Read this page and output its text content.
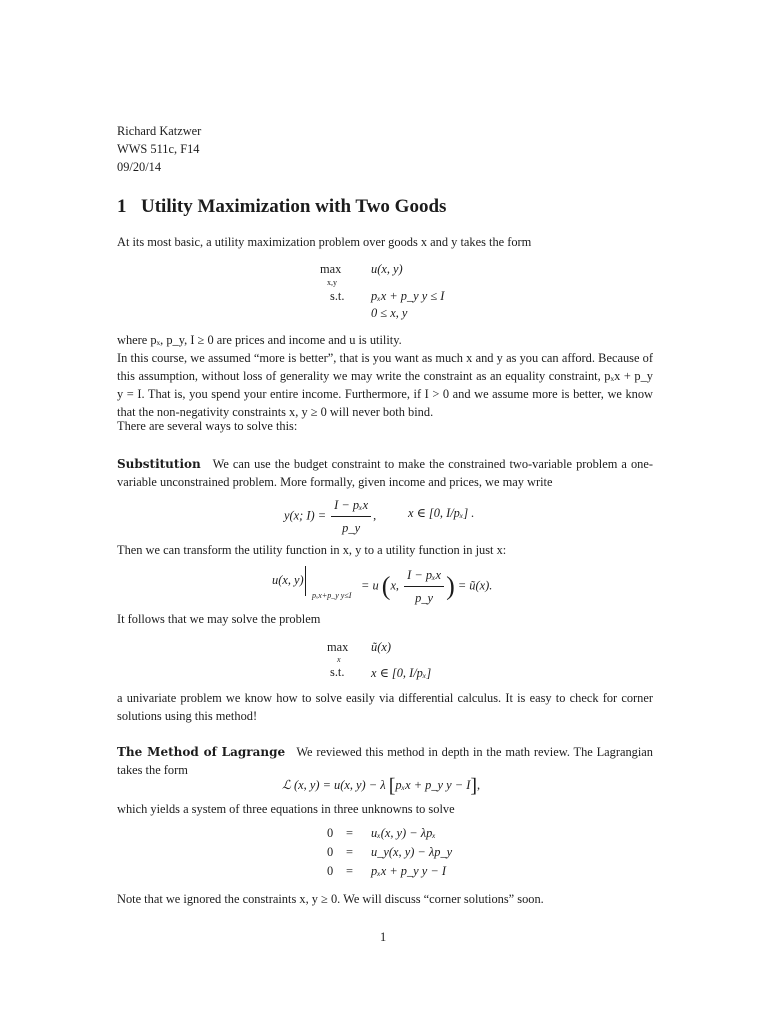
Richard Katzwer
WWS 511c, F14
09/20/14
1 Utility Maximization with Two Goods
At its most basic, a utility maximization problem over goods x and y takes the form
max
x,y
u(x, y)
s.t. pₓx + p_y y ≤ I
0 ≤ x, y
where pₓ, p_y, I ≥ 0 are prices and income and u is utility.
In this course, we assumed “more is better”, that is you want as much x and y as you can afford. Because of this assumption, without loss of generality we may write the constraint as an equality constraint, pₓx + p_y y = I. That is, you spend your entire income. Furthermore, if I > 0 and we assume more is better, we know that the non-negativity constraints x, y ≥ 0 will never both bind.
There are several ways to solve this:
Substitution We can use the budget constraint to make the constrained two-variable problem a one-variable unconstrained problem. More formally, given income and prices, we may write
y(x; $I) = \frac{\text{I − pₓx}}{p\_y}$ ,	x ∈ [0, I/pₓ] .
Then we can transform the utility function in x, y to a utility function in just x:
u(x, y)
pₓx+p_y y≤I
= u (x, $\frac{\text{I − pₓx}}{p\_y}$ ) = ũ(x).
It follows that we may solve the problem
max
x
ũ(x)
s.t. x ∈ [0, I/pₓ]
a univariate problem we know how to solve easily via differential calculus. It is easy to check for corner solutions using this method!
The Method of Lagrange We reviewed this method in depth in the math review. The Lagrangian takes the form
ℒ (x, y) = u(x, y) − λ [pₓx + p_y y − I],
which yields a system of three equations in three unknowns to solve
0 = uₓ(x, y) − λpₓ
0 = u_y(x, y) − λp_y
0 = pₓx + p_y y − I
Note that we ignored the constraints x, y ≥ 0. We will discuss “corner solutions” soon.
1
